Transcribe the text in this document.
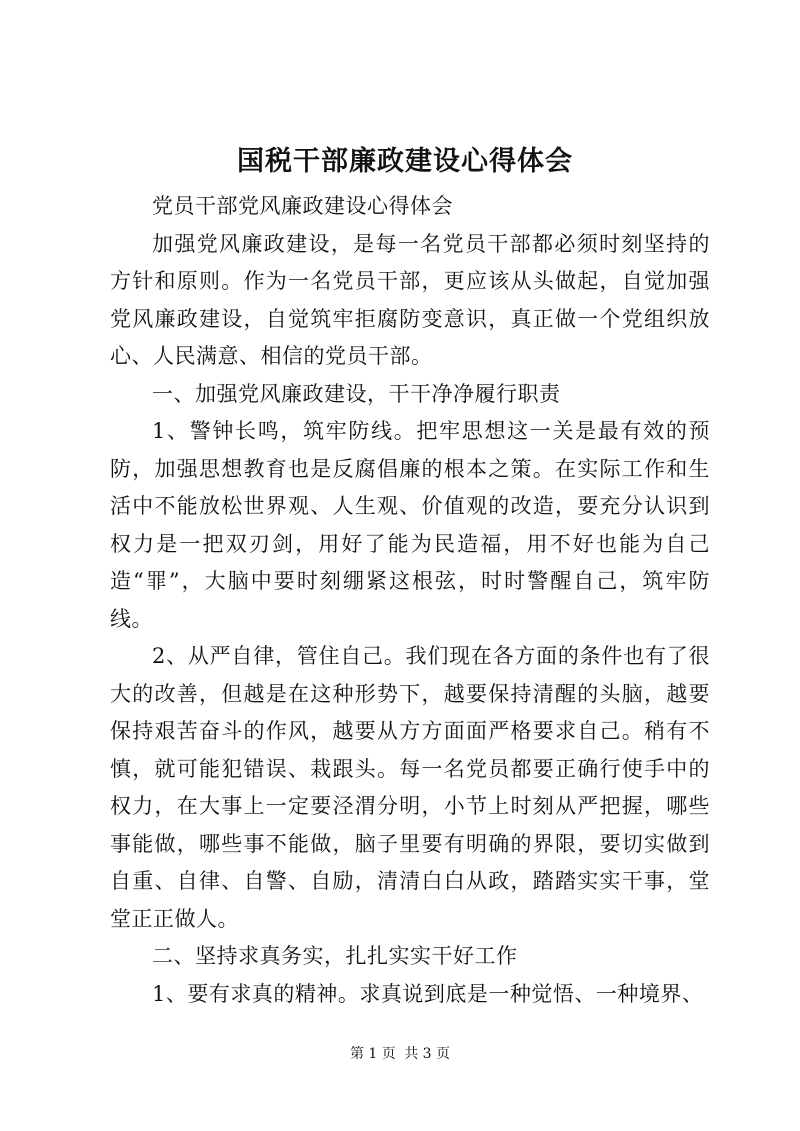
国税干部廉政建设心得体会

党员干部党风廉政建设心得体会

加强党风廉政建设，是每一名党员干部都必须时刻坚持的方针和原则。作为一名党员干部，更应该从头做起，自觉加强党风廉政建设，自觉筑牢拒腐防变意识，真正做一个党组织放心、人民满意、相信的党员干部。

一、加强党风廉政建设，干干净净履行职责

1、警钟长鸣，筑牢防线。把牢思想这一关是最有效的预防，加强思想教育也是反腐倡廉的根本之策。在实际工作和生活中不能放松世界观、人生观、价值观的改造，要充分认识到权力是一把双刃剑，用好了能为民造福，用不好也能为自己造“罪”，大脑中要时刻绷紧这根弦，时时警醒自己，筑牢防线。

2、从严自律，管住自己。我们现在各方面的条件也有了很大的改善，但越是在这种形势下，越要保持清醒的头脑，越要保持艰苦奋斗的作风，越要从方方面面严格要求自己。稍有不慎，就可能犯错误、栽跟头。每一名党员都要正确行使手中的权力，在大事上一定要泾渭分明，小节上时刻从严把握，哪些事能做，哪些事不能做，脑子里要有明确的界限，要切实做到自重、自律、自警、自励，清清白白从政，踏踏实实干事，堂堂正正做人。

二、坚持求真务实，扎扎实实干好工作

1、要有求真的精神。求真说到底是一种觉悟、一种境界、

第 1 页 共 3 页
